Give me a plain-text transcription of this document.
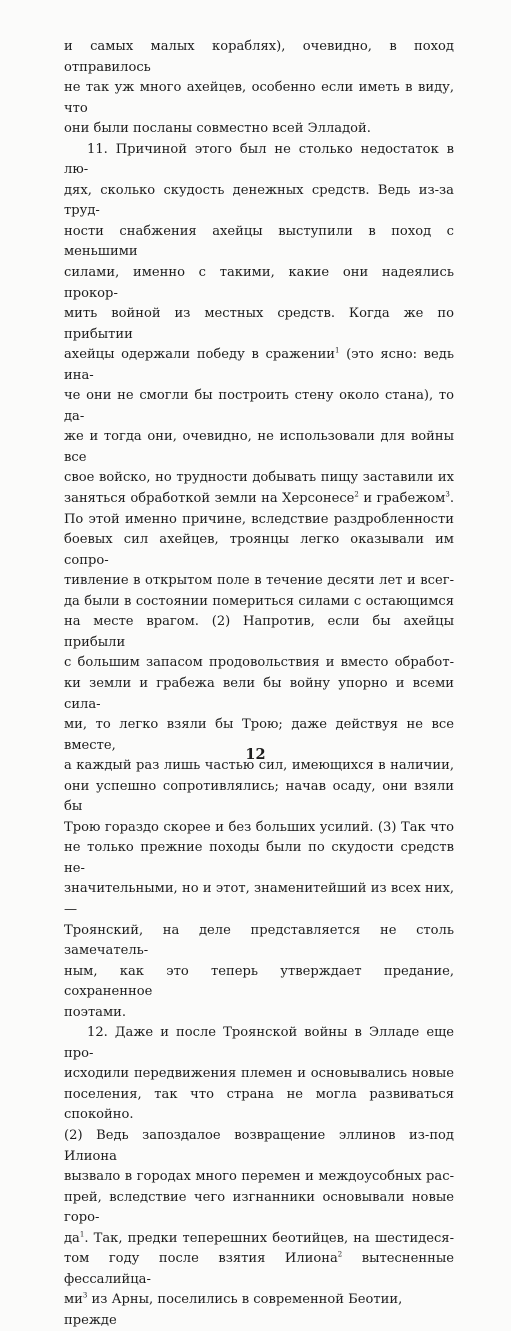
и самых малых кораблях), очевидно, в поход отправилось
не так уж много ахейцев, особенно если иметь в виду, что
они были посланы совместно всей Элладой.

11. Причиной этого был не столько недостаток в лю-
дях, сколько скудость денежных средств. Ведь из-за труд-
ности снабжения ахейцы выступили в поход с меньшими
силами, именно с такими, какие они надеялись прокор-
мить войной из местных средств. Когда же по прибытии
ахейцы одержали победу в сражении$^1$ (это ясно: ведь ина-
че они не смогли бы построить стену около стана), то да-
же и тогда они, очевидно, не использовали для войны все
свое войско, но трудности добывать пищу заставили их
заняться обработкой земли на Херсонесе$^2$ и грабежом$^3$.
По этой именно причине, вследствие раздробленности
боевых сил ахейцев, троянцы легко оказывали им сопро-
тивление в открытом поле в течение десяти лет и всег-
да были в состоянии помериться силами с остающимся
на месте врагом. (2) Напротив, если бы ахейцы прибыли
с большим запасом продовольствия и вместо обработ-
ки земли и грабежа вели бы войну упорно и всеми сила-
ми, то легко взяли бы Трою; даже действуя не все вместе,
а каждый раз лишь частью сил, имеющихся в наличии,
они успешно сопротивлялись; начав осаду, они взяли бы
Трою гораздо скорее и без больших усилий. (3) Так что
не только прежние походы были по скудости средств не-
значительными, но и этот, знаменитейший из всех них, —
Троянский, на деле представляется не столь замечатель-
ным, как это теперь утверждает предание, сохраненное
поэтами.

12. Даже и после Троянской войны в Элладе еще про-
исходили передвижения племен и основывались новые
поселения, так что страна не могла развиваться спокойно.
(2) Ведь запоздалое возвращение эллинов из-под Илиона
вызвало в городах много перемен и междоусобных рас-
прей, вследствие чего изгнанники основывали новые горо-
$да^1$. Так, предки теперешних беотийцев, на шестидеся-
том году после взятия Илиона$^2$ вытесненные фессалийца-
$ми^3$ из Арны, поселились в современной Беотии, прежде

12
